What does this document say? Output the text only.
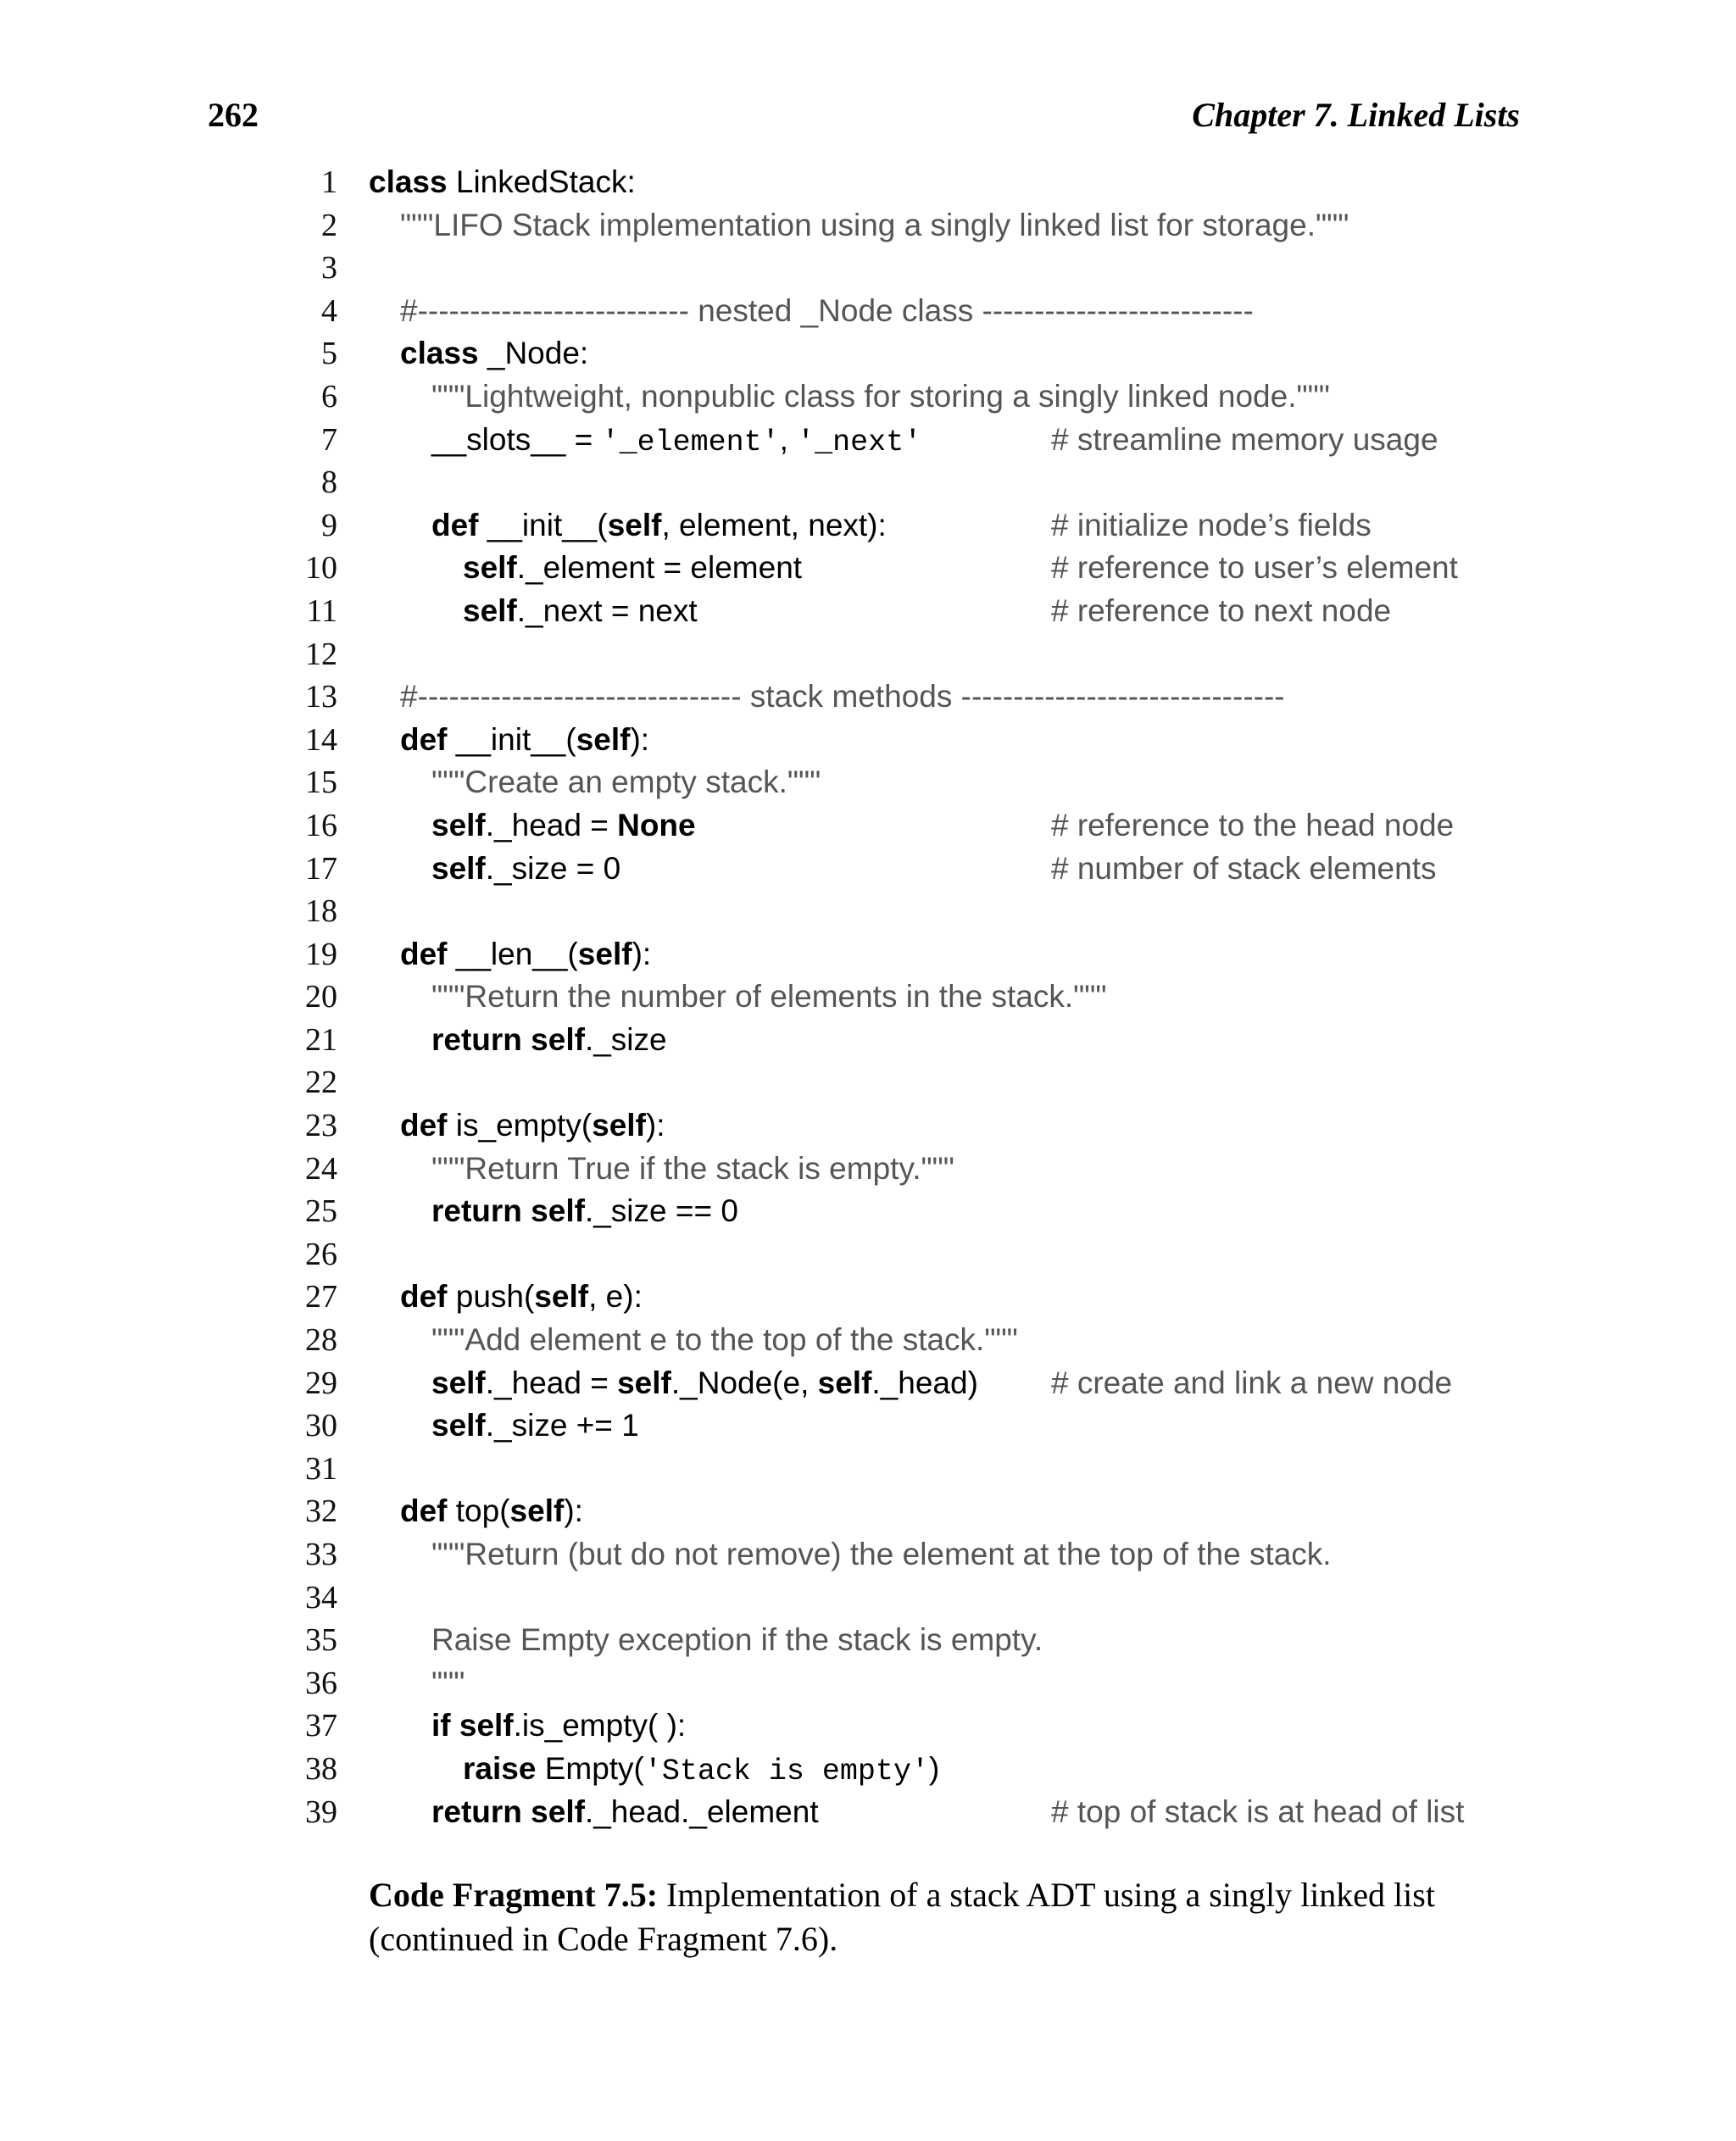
262	Chapter 7. Linked Lists
1 class LinkedStack:
2 """LIFO Stack implementation using a singly linked list for storage."""
3
4 #-------------------------- nested _Node class --------------------------
5 class _Node:
6	"""Lightweight, nonpublic class for storing a singly linked node."""
7	__slots__ = '_element', '_next'	# streamline memory usage
8
9	def __init__(self, element, next):	# initialize node’s fields
10	self._element = element	# reference to user’s element
11	self._next = next	# reference to next node
12
13 #------------------------------- stack methods -------------------------------
14 def __init__(self):
15	"""Create an empty stack."""
16	self._head = None	# reference to the head node
17	self._size = 0	# number of stack elements
18
19 def __len__(self):
20	"""Return the number of elements in the stack."""
21	return self._size
22
23 def is_empty(self):
24	"""Return True if the stack is empty."""
25	return self._size == 0
26
27 def push(self, e):
28	"""Add element e to the top of the stack."""
29	self._head = self._Node(e, self._head) # create and link a new node
30	self._size += 1
31
32 def top(self):
33	"""Return (but do not remove) the element at the top of the stack.
34
35	Raise Empty exception if the stack is empty.
36	"""
37	if self.is_empty( ):
38	raise Empty('Stack is empty')
39	return self._head._element	# top of stack is at head of list
Code Fragment 7.5: Implementation of a stack ADT using a singly linked list (continued in Code Fragment 7.6).
